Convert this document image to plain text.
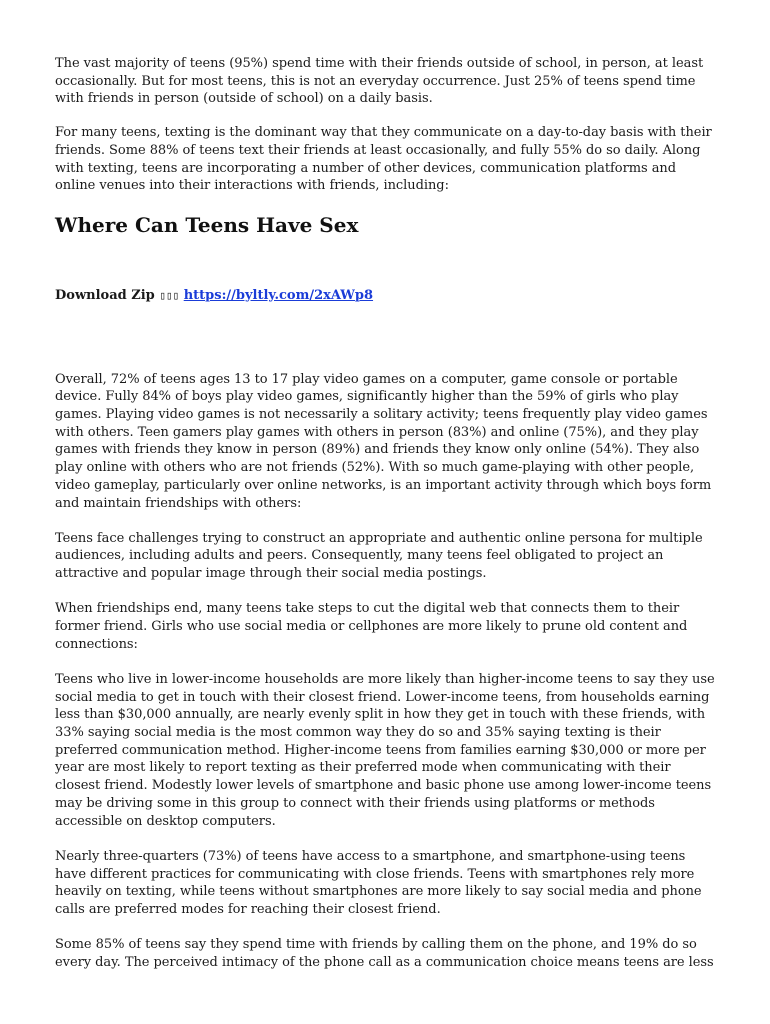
The vast majority of teens (95%) spend time with their friends outside of school, in person, at least occasionally. But for most teens, this is not an everyday occurrence. Just 25% of teens spend time with friends in person (outside of school) on a daily basis.

For many teens, texting is the dominant way that they communicate on a day-to-day basis with their friends. Some 88% of teens text their friends at least occasionally, and fully 55% do so daily. Along with texting, teens are incorporating a number of other devices, communication platforms and online venues into their interactions with friends, including:

Where Can Teens Have Sex
Download Zip ▯▯▯ https://byltly.com/2xAWp8

Overall, 72% of teens ages 13 to 17 play video games on a computer, game console or portable device. Fully 84% of boys play video games, significantly higher than the 59% of girls who play games. Playing video games is not necessarily a solitary activity; teens frequently play video games with others. Teen gamers play games with others in person (83%) and online (75%), and they play games with friends they know in person (89%) and friends they know only online (54%). They also play online with others who are not friends (52%). With so much game-playing with other people, video gameplay, particularly over online networks, is an important activity through which boys form and maintain friendships with others:

Teens face challenges trying to construct an appropriate and authentic online persona for multiple audiences, including adults and peers. Consequently, many teens feel obligated to project an attractive and popular image through their social media postings.

When friendships end, many teens take steps to cut the digital web that connects them to their former friend. Girls who use social media or cellphones are more likely to prune old content and connections:

Teens who live in lower-income households are more likely than higher-income teens to say they use social media to get in touch with their closest friend. Lower-income teens, from households earning less than $30,000 annually, are nearly evenly split in how they get in touch with these friends, with 33% saying social media is the most common way they do so and 35% saying texting is their preferred communication method. Higher-income teens from families earning $30,000 or more per year are most likely to report texting as their preferred mode when communicating with their closest friend. Modestly lower levels of smartphone and basic phone use among lower-income teens may be driving some in this group to connect with their friends using platforms or methods accessible on desktop computers.

Nearly three-quarters (73%) of teens have access to a smartphone, and smartphone-using teens have different practices for communicating with close friends. Teens with smartphones rely more heavily on texting, while teens without smartphones are more likely to say social media and phone calls are preferred modes for reaching their closest friend.

Some 85% of teens say they spend time with friends by calling them on the phone, and 19% do so every day. The perceived intimacy of the phone call as a communication choice means teens are less
